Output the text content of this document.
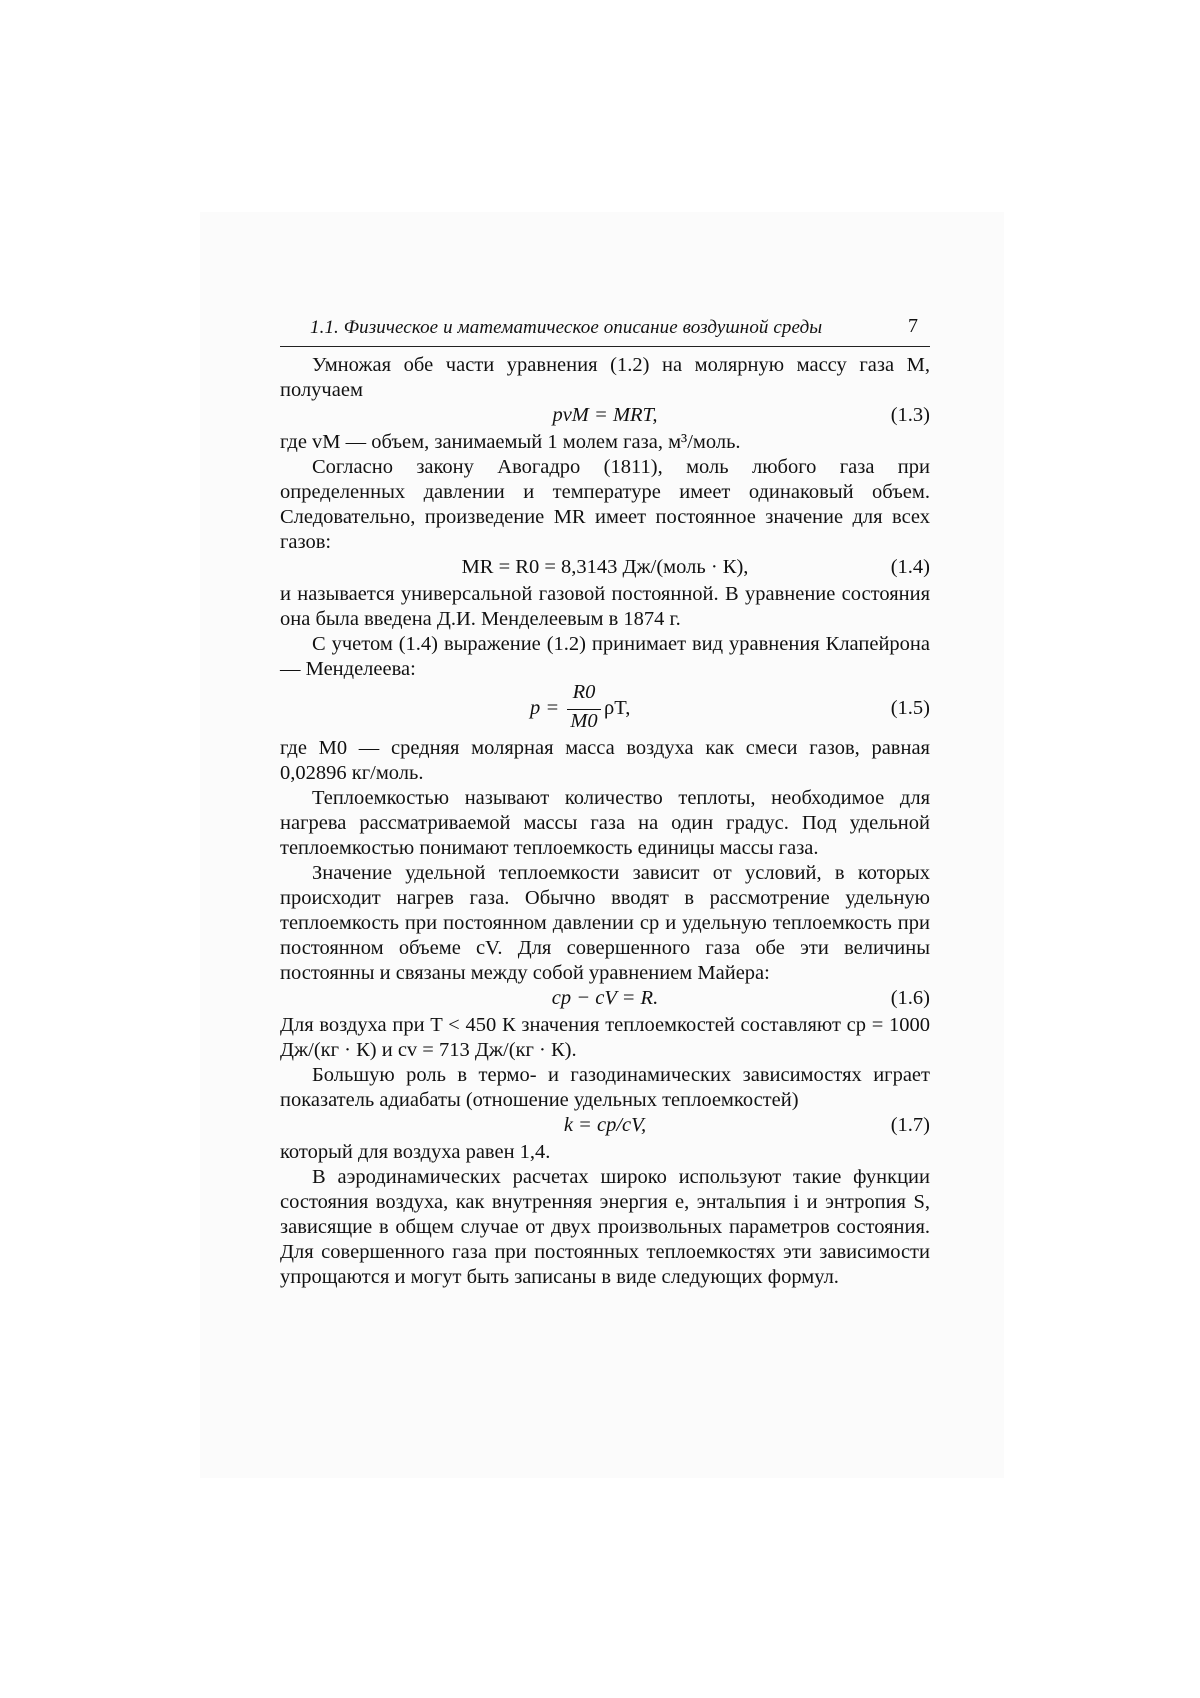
1.1. Физическое и математическое описание воздушной среды	7

Умножая обе части уравнения (1.2) на молярную массу газа M, получаем

pvM = MRT,	(1.3)

где vM — объем, занимаемый 1 молем газа, м³/моль.

Согласно закону Авогадро (1811), моль любого газа при определенных давлении и температуре имеет одинаковый объем. Следовательно, произведение MR имеет постоянное значение для всех газов:

MR = R0 = 8,3143 Дж/(моль · К),	(1.4)

и называется универсальной газовой постоянной. В уравнение состояния она была введена Д.И. Менделеевым в 1874 г.

С учетом (1.4) выражение (1.2) принимает вид уравнения Клапейрона — Менделеева:

p =
R0
M0
ρT,	(1.5)

где M0 — средняя молярная масса воздуха как смеси газов, равная 0,02896 кг/моль.

Теплоемкостью называют количество теплоты, необходимое для нагрева рассматриваемой массы газа на один градус. Под удельной теплоемкостью понимают теплоемкость единицы массы газа.

Значение удельной теплоемкости зависит от условий, в которых происходит нагрев газа. Обычно вводят в рассмотрение удельную теплоемкость при постоянном давлении cp и удельную теплоемкость при постоянном объеме cV. Для совершенного газа обе эти величины постоянны и связаны между собой уравнением Майера:

cp − cV = R.	(1.6)

Для воздуха при T < 450 К значения теплоемкостей составляют cp = 1000 Дж/(кг · К) и cv = 713 Дж/(кг · К).

Большую роль в термо- и газодинамических зависимостях играет показатель адиабаты (отношение удельных теплоемкостей)

k = cp/cV,	(1.7)

который для воздуха равен 1,4.

В аэродинамических расчетах широко используют такие функции состояния воздуха, как внутренняя энергия e, энтальпия i и энтропия S, зависящие в общем случае от двух произвольных параметров состояния. Для совершенного газа при постоянных теплоемкостях эти зависимости упрощаются и могут быть записаны в виде следующих формул.
